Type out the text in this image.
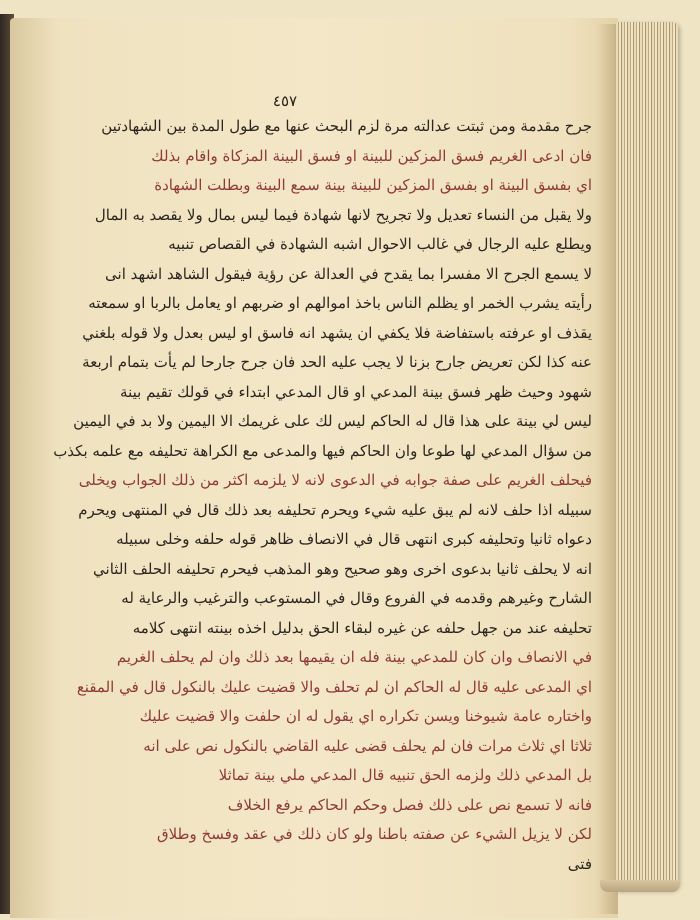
٤٥٧
جرح مقدمة ومن ثبتت عدالته مرة لزم البحث عنها مع طول المدة بين الشهادتين
فان ادعى الغريم فسق المزكين للبينة او فسق البينة المزكاة واقام بذلك
اي بفسق البينة او بفسق المزكين للبينة بينة سمع البينة وبطلت الشهادة
ولا يقبل من النساء تعديل ولا تجريح لانها شهادة فيما ليس بمال ولا يقصد به المال
ويطلع عليه الرجال في غالب الاحوال اشبه الشهادة في القصاص تنبيه
لا يسمع الجرح الا مفسرا بما يقدح في العدالة عن رؤية فيقول الشاهد اشهد انى
رأيته يشرب الخمر او يظلم الناس باخذ اموالهم او ضربهم او يعامل بالربا او سمعته
يقذف او عرفته باستفاضة فلا يكفي ان يشهد انه فاسق او ليس بعدل ولا قوله بلغني
عنه كذا لكن تعريض جارح بزنا لا يجب عليه الحد فان جرح جارحا لم يأت بتمام اربعة
شهود وحيث ظهر فسق بينة المدعي او قال المدعي ابتداء في قولك تقيم بينة
ليس لي بينة على هذا قال له الحاكم ليس لك على غريمك الا اليمين ولا بد في اليمين
من سؤال المدعي لها طوعا وان الحاكم فيها والمدعى مع الكراهة تحليفه مع علمه بكذب
فيحلف الغريم على صفة جوابه في الدعوى لانه لا يلزمه اكثر من ذلك الجواب ويخلى
سبيله اذا حلف لانه لم يبق عليه شيء ويحرم تحليفه بعد ذلك قال في المنتهى ويحرم
دعواه ثانيا وتحليفه كبرى انتهى قال في الانصاف ظاهر قوله حلفه وخلى سبيله
انه لا يحلف ثانيا بدعوى اخرى وهو صحيح وهو المذهب فيحرم تحليفه الحلف الثاني
الشارح وغيرهم وقدمه في الفروع وقال في المستوعب والترغيب والرعاية له
تحليفه عند من جهل حلفه عن غيره لبقاء الحق بدليل اخذه بينته انتهى كلامه
في الانصاف وان كان للمدعي بينة فله ان يقيمها بعد ذلك وان لم يحلف الغريم
اي المدعى عليه قال له الحاكم ان لم تحلف والا قضيت عليك بالنكول قال في المقنع
واختاره عامة شيوخنا ويسن تكراره اي يقول له ان حلفت والا قضيت عليك
ثلاثا اي ثلاث مرات فان لم يحلف قضى عليه القاضي بالنكول نص على انه
بل المدعي ذلك ولزمه الحق تنبيه قال المدعي ملي بينة تماثلا
فانه لا تسمع نص على ذلك فصل وحكم الحاكم يرفع الخلاف
لكن لا يزيل الشيء عن صفته باطنا ولو كان ذلك في عقد وفسخ وطلاق
فتى
